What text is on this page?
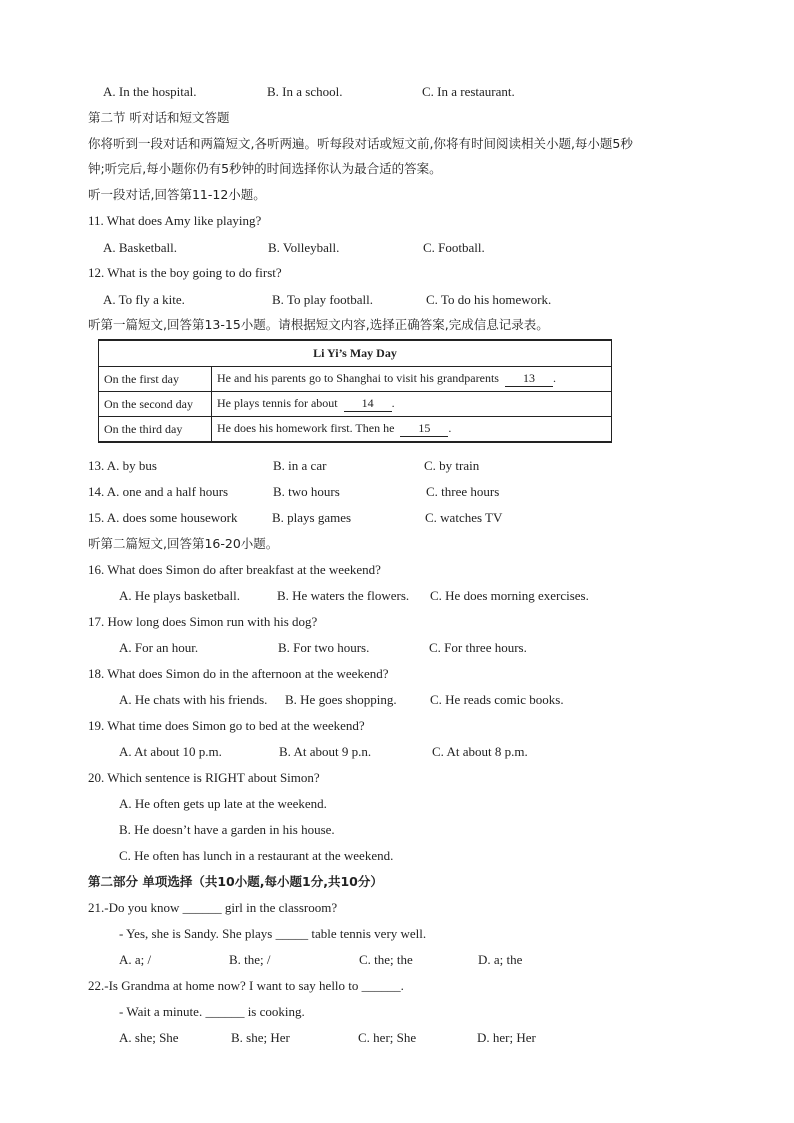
A. In the hospital.	B. In a school.	C. In a restaurant.
第二节 听对话和短文答题
你将听到一段对话和两篇短文,各听两遍。听每段对话或短文前,你将有时间阅读相关小题,每小题5秒
钟;听完后,每小题你仍有5秒钟的时间选择你认为最合适的答案。
听一段对话,回答第11-12小题。
11. What does Amy like playing?
A. Basketball.	B. Volleyball.	C. Football.
12. What is the boy going to do first?
A. To fly a kite.	B. To play football.	C. To do his homework.
听第一篇短文,回答第13-15小题。请根据短文内容,选择正确答案,完成信息记录表。
Li Yi’s May Day	
On the first day	He and his parents go to Shanghai to visit his grandparents 13 .
On the second day	He plays tennis for about 14 .
On the third day	He does his homework first. Then he 15 .
13. A. by bus	B. in a car	C. by train
14. A. one and a half hours	B. two hours	C. three hours
15. A. does some housework	B. plays games	C. watches TV
听第二篇短文,回答第16-20小题。
16. What does Simon do after breakfast at the weekend?
A. He plays basketball.	B. He waters the flowers. C. He does morning exercises.
17. How long does Simon run with his dog?
A. For an hour.	B. For two hours.	C. For three hours.
18. What does Simon do in the afternoon at the weekend?
A. He chats with his friends. B. He goes shopping.	C. He reads comic books.
19. What time does Simon go to bed at the weekend?
A. At about 10 p.m.	B. At about 9 p.n.	C. At about 8 p.m.
20. Which sentence is RIGHT about Simon?
A. He often gets up late at the weekend.
B. He doesn’t have a garden in his house.
C. He often has lunch in a restaurant at the weekend.
第二部分 单项选择（共10小题,每小题1分,共10分）
21.-Do you know ______ girl in the classroom?
- Yes, she is Sandy. She plays _____ table tennis very well.
A. a; /	B. the; /	C. the; the	D. a; the
22.-Is Grandma at home now? I want to say hello to ______.
- Wait a minute. ______ is cooking.
A. she; She	B. she; Her	C. her; She	D. her; Her
